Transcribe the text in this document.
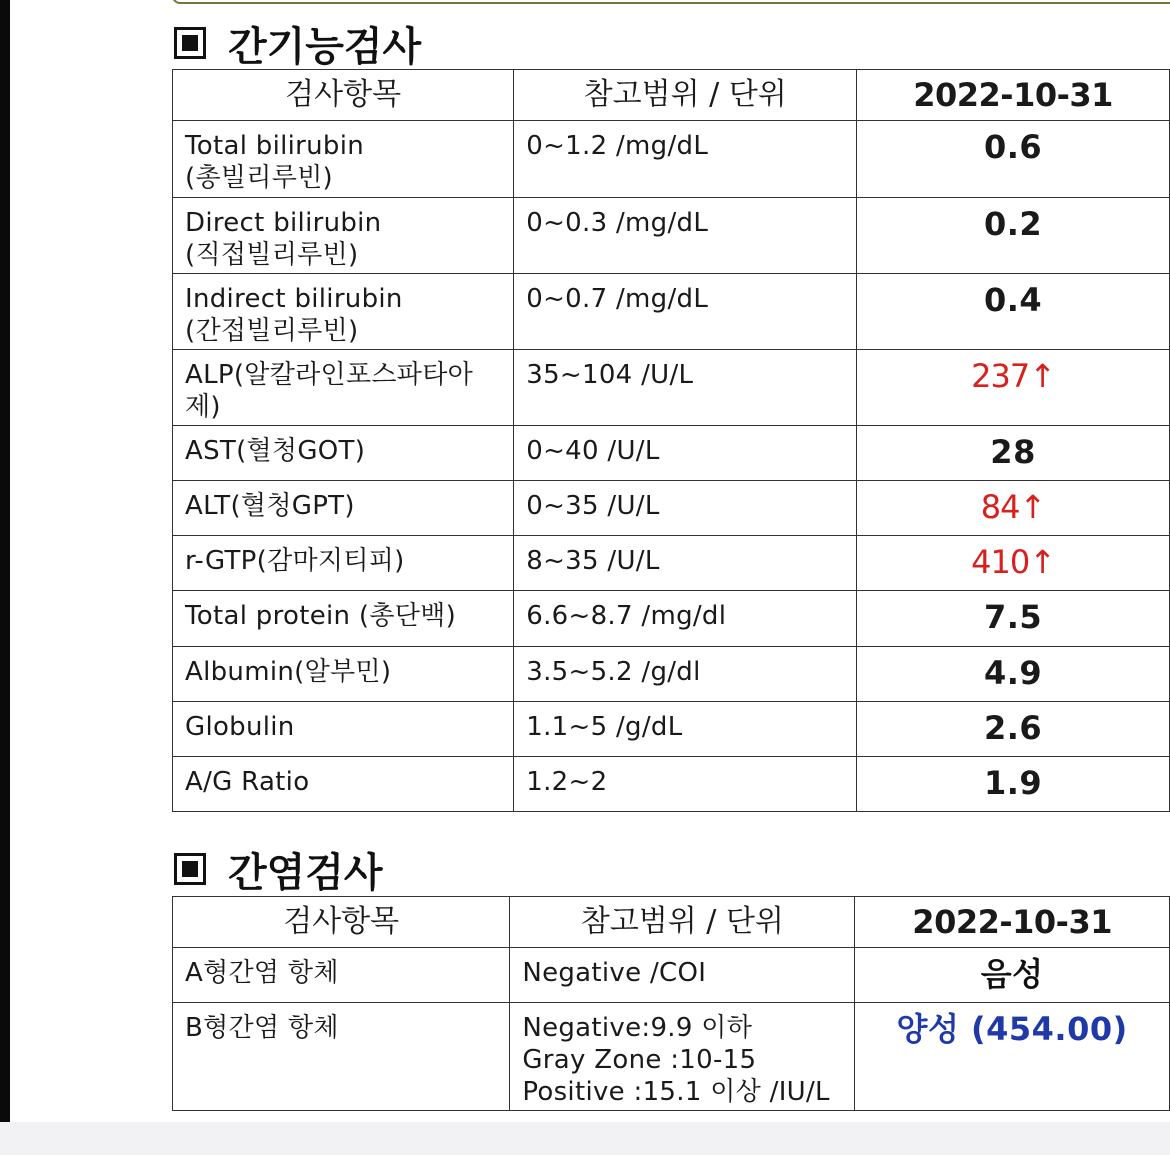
간기능검사
검사항목	참고범위 / 단위	2022-10-31
Total bilirubin
(총빌리루빈)	0~1.2 /mg/dL	0.6
Direct bilirubin
(직접빌리루빈)	0~0.3 /mg/dL	0.2
Indirect bilirubin
(간접빌리루빈)	0~0.7 /mg/dL	0.4
ALP(알칼라인포스파타아
제)	35~104 /U/L	237↑
AST(혈청GOT)	0~40 /U/L	28
ALT(혈청GPT)	0~35 /U/L	84↑
r-GTP(감마지티피)	8~35 /U/L	410↑
Total protein (총단백)	6.6~8.7 /mg/dl	7.5
Albumin(알부민)	3.5~5.2 /g/dl	4.9
Globulin	1.1~5 /g/dL	2.6
A/G Ratio	1.2~2	1.9
간염검사
검사항목	참고범위 / 단위	2022-10-31
A형간염 항체	Negative /COI	음성
B형간염 항체	Negative:9.9 이하
Gray Zone :10-15
Positive :15.1 이상 /IU/L	양성 (454.00)
